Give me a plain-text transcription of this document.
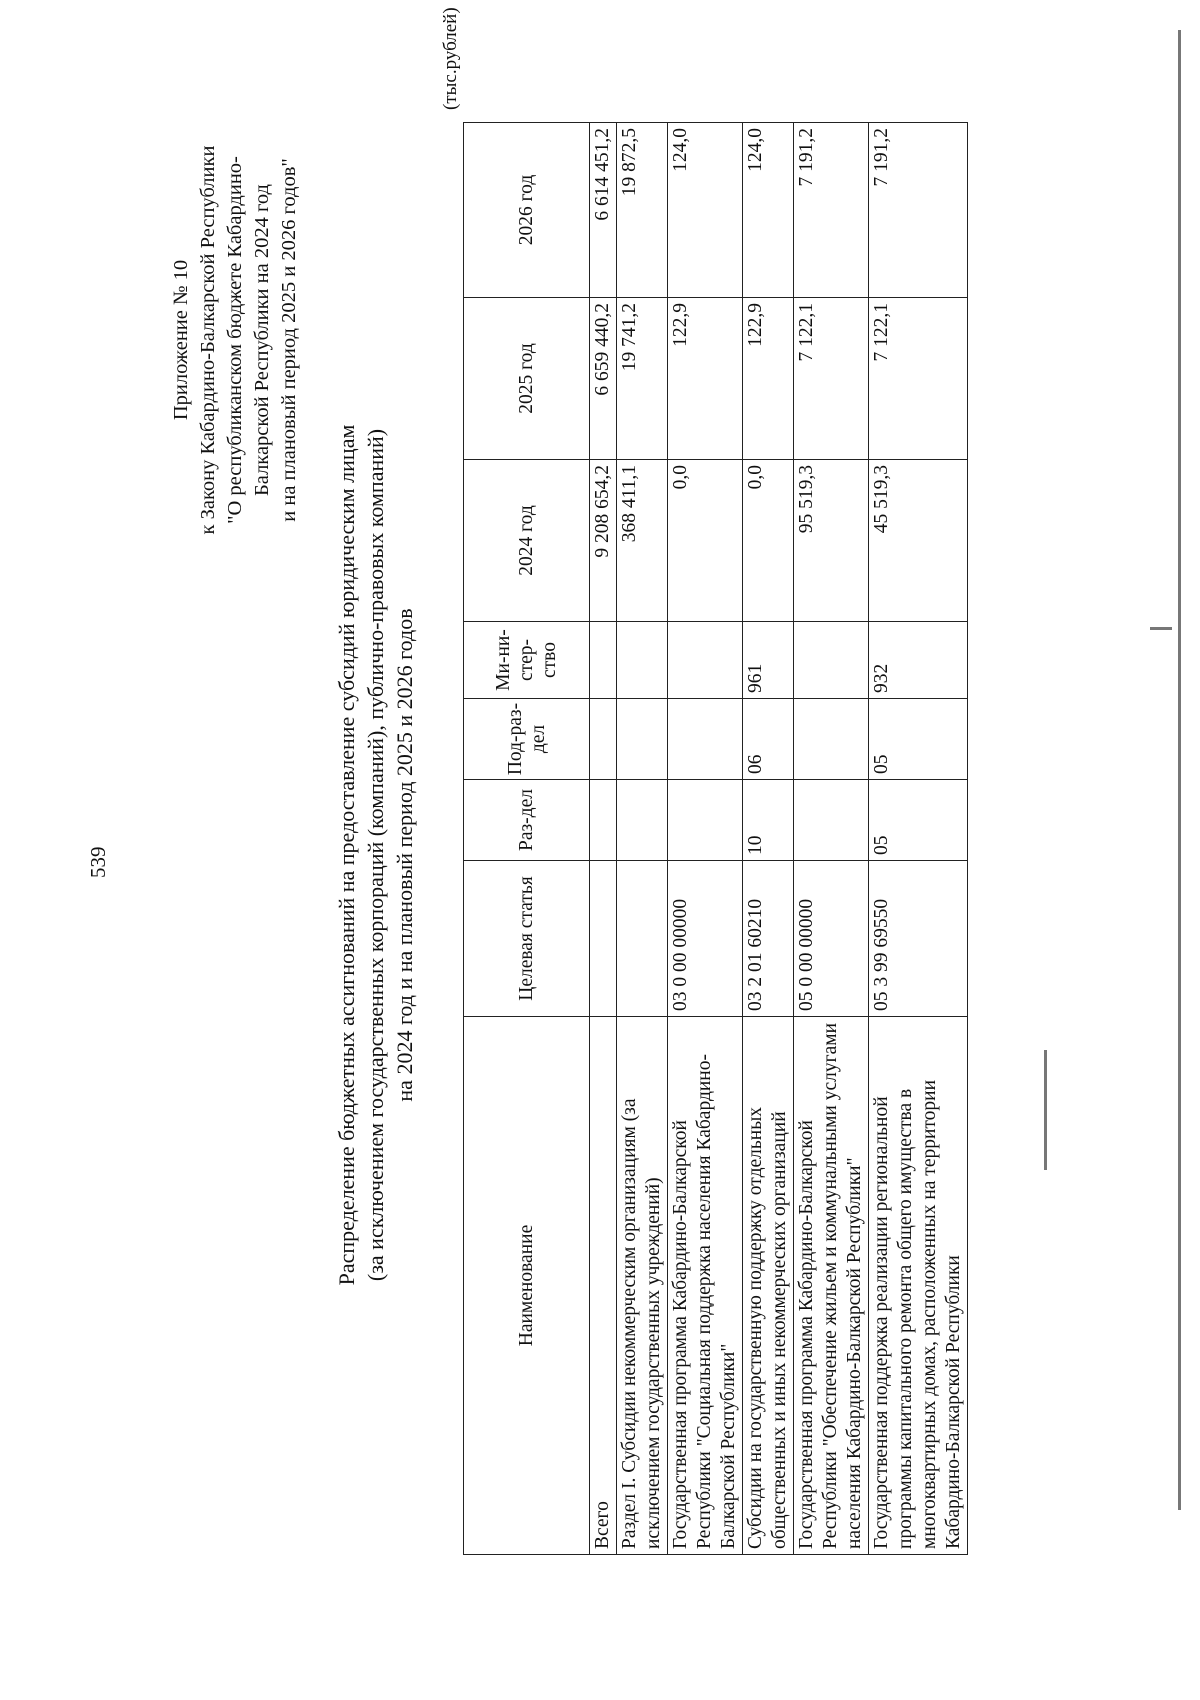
539
Приложение № 10 к Закону Кабардино-Балкарской Республики "О республиканском бюджете Кабардино- Балкарской Республики на 2024 год и на плановый период 2025 и 2026 годов"
Распределение бюджетных ассигнований на предоставление субсидий юридическим лицам (за исключением государственных корпораций (компаний), публично-правовых компаний) на 2024 год и на плановый период 2025 и 2026 годов
(тыс.рублей)
Наименование	Целевая статья	Раз-дел	Под-раз-дел	Ми-ни-стер-ство	2024 год	2025 год	2026 год
Всего					9 208 654,2	6 659 440,2	6 614 451,2
Раздел I. Субсидии некоммерческим организациям (за исключением государственных учреждений)					368 411,1	19 741,2	19 872,5
Государственная программа Кабардино-Балкарской Республики "Социальная поддержка населения Кабардино-Балкарской Республики"	03 0 00 00000				0,0	122,9	124,0
Субсидии на государственную поддержку отдельных общественных и иных некоммерческих организаций	03 2 01 60210	10	06	961	0,0	122,9	124,0
Государственная программа Кабардино-Балкарской Республики "Обеспечение жильем и коммунальными услугами населения Кабардино-Балкарской Республики"	05 0 00 00000				95 519,3	7 122,1	7 191,2
Государственная поддержка реализации региональной программы капитального ремонта общего имущества в многоквартирных домах, расположенных на территории Кабардино-Балкарской Республики	05 3 99 69550	05	05	932	45 519,3	7 122,1	7 191,2
